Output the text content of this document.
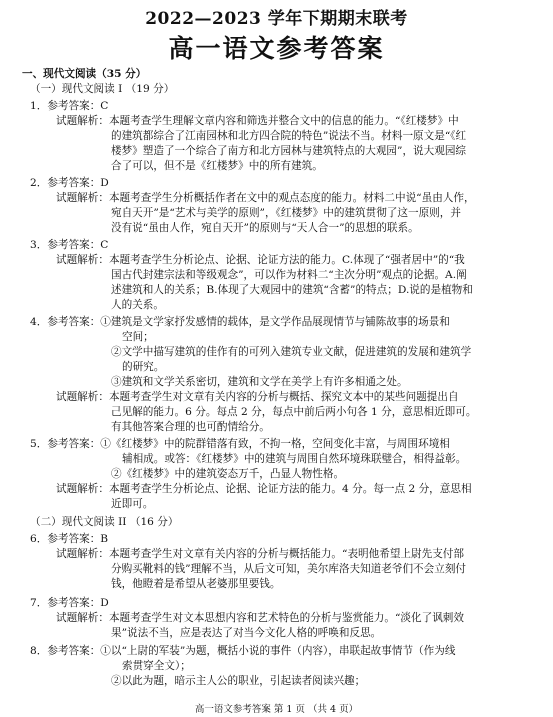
2022—2023 学年下期期末联考
高一语文参考答案
一、现代文阅读（35 分）
（一）现代文阅读 I （19 分）
1．参考答案：C
试题解析：本题考查学生理解文章内容和筛选并整合文中的信息的能力。“《红楼梦》中
的建筑都综合了江南园林和北方四合院的特色”说法不当。材料一原文是“《红
楼梦》塑造了一个综合了南方和北方园林与建筑特点的大观园”，说大观园综
合了可以，但不是《红楼梦》中的所有建筑。
2．参考答案：D
试题解析：本题考查学生分析概括作者在文中的观点态度的能力。材料二中说“虽由人作，
宛自天开”是“艺术与美学的原则”，《红楼梦》中的建筑贯彻了这一原则，并
没有说“虽由人作，宛自天开”的原则与“天人合一”的思想的联系。
3．参考答案：C
试题解析：本题考查学生分析论点、论据、论证方法的能力。C.体现了“强者居中”的“我
国古代封建宗法和等级观念”，可以作为材料二“主次分明”观点的论据。A.阐
述建筑和人的关系；B.体现了大观园中的建筑“含蓄”的特点；D.说的是植物和
人的关系。
4．参考答案：①建筑是文学家抒发感情的载体，是文学作品展现情节与铺陈故事的场景和
空间；
②文学中描写建筑的佳作有的可列入建筑专业文献，促进建筑的发展和建筑学
的研究。
③建筑和文学关系密切，建筑和文学在美学上有许多相通之处。
试题解析：本题考查学生对文章有关内容的分析与概括、探究文本中的某些问题提出自
己见解的能力。6 分。每点 2 分，每点中前后两小句各 1 分，意思相近即可。
有其他答案合理的也可酌情给分。
5．参考答案：①《红楼梦》中的院群错落有致，不拘一格，空间变化丰富，与周围环境相
辅相成。或答：《红楼梦》中的建筑与周围自然环境珠联璧合，相得益彰。
②《红楼梦》中的建筑姿态万千，凸显人物性格。
试题解析：本题考查学生分析论点、论据、论证方法的能力。4 分。每一点 2 分，意思相
近即可。
（二）现代文阅读 II （16 分）
6．参考答案：B
试题解析：本题考查学生对文章有关内容的分析与概括能力。“表明他希望上尉先支付部
分购买靴料的钱”理解不当，从后文可知，美尔库洛夫知道老爷们不会立刻付
钱，他瞪着是希望从老婆那里要钱。
7．参考答案：D
试题解析：本题考查学生对文本思想内容和艺术特色的分析与鉴赏能力。“淡化了讽刺效
果”说法不当，应是表达了对当今文化人格的呼唤和反思。
8．参考答案：①以“上尉的军装”为题，概括小说的事件（内容），串联起故事情节（作为线
索贯穿全文）；
②以此为题，暗示主人公的职业，引起读者阅读兴趣；
高一语文参考答案 第 1 页 （共 4 页）
